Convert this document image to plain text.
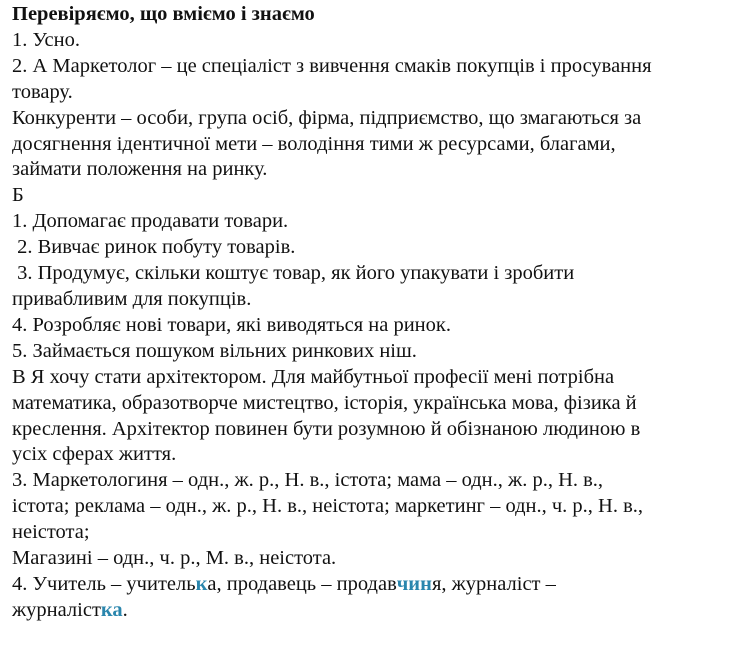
Перевіряємо, що вміємо і знаємо
1. Усно.
2. А Маркетолог – це спеціаліст з вивчення смаків покупців і просування
товару.
Конкуренти – особи, група осіб, фірма, підприємство, що змагаються за
досягнення ідентичної мети – володіння тими ж ресурсами, благами,
займати положення на ринку.
Б
1. Допомагає продавати товари.
2. Вивчає ринок побуту товарів.
3. Продумує, скільки коштує товар, як його упакувати і зробити
привабливим для покупців.
4. Розробляє нові товари, які виводяться на ринок.
5. Займається пошуком вільних ринкових ніш.
В Я хочу стати архітектором. Для майбутньої професії мені потрібна
математика, образотворче мистецтво, історія, українська мова, фізика й
креслення. Архітектор повинен бути розумною й обізнаною людиною в
усіх сферах життя.
3. Маркетологиня – одн., ж. р., Н. в., істота; мама – одн., ж. р., Н. в.,
істота; реклама – одн., ж. р., Н. в., неістота; маркетинг – одн., ч. р., Н. в.,
неістота;
Магазині – одн., ч. р., М. в., неістота.
4. Учитель – учителька, продавець – продавчиня, журналіст –
журналістка.
